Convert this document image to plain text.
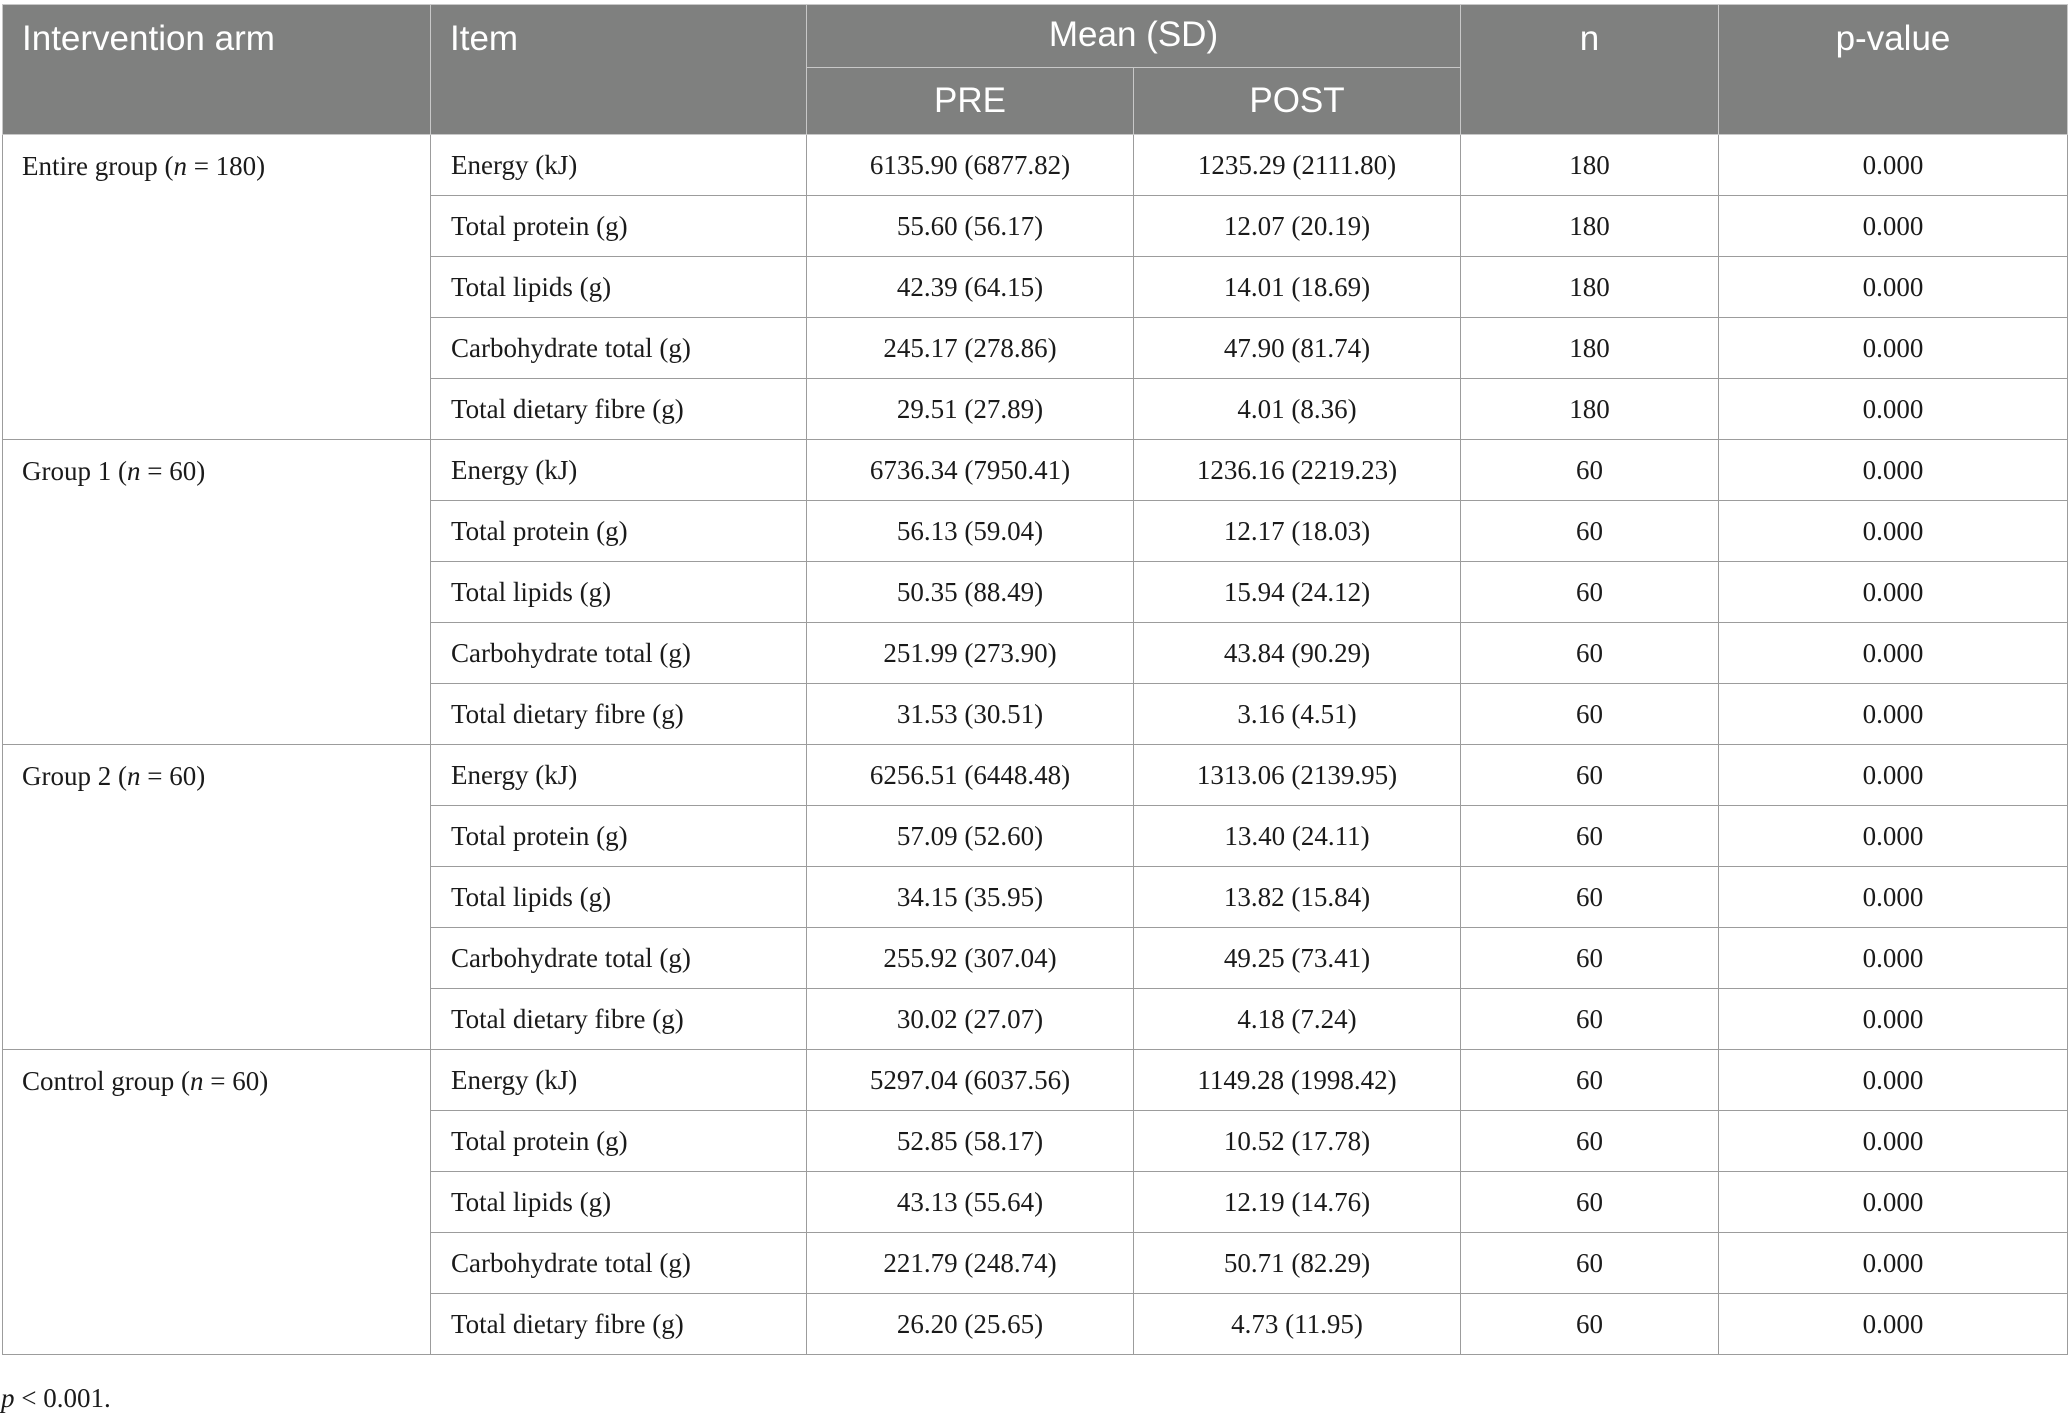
Intervention arm	Item	Mean (SD)		n	p-value
		PRE	POST		
Entire group (n = 180)	Energy (kJ)	6135.90 (6877.82)	1235.29 (2111.80)	180	0.000
	Total protein (g)	55.60 (56.17)	12.07 (20.19)	180	0.000
	Total lipids (g)	42.39 (64.15)	14.01 (18.69)	180	0.000
	Carbohydrate total (g)	245.17 (278.86)	47.90 (81.74)	180	0.000
	Total dietary fibre (g)	29.51 (27.89)	4.01 (8.36)	180	0.000
Group 1 (n = 60)	Energy (kJ)	6736.34 (7950.41)	1236.16 (2219.23)	60	0.000
	Total protein (g)	56.13 (59.04)	12.17 (18.03)	60	0.000
	Total lipids (g)	50.35 (88.49)	15.94 (24.12)	60	0.000
	Carbohydrate total (g)	251.99 (273.90)	43.84 (90.29)	60	0.000
	Total dietary fibre (g)	31.53 (30.51)	3.16 (4.51)	60	0.000
Group 2 (n = 60)	Energy (kJ)	6256.51 (6448.48)	1313.06 (2139.95)	60	0.000
	Total protein (g)	57.09 (52.60)	13.40 (24.11)	60	0.000
	Total lipids (g)	34.15 (35.95)	13.82 (15.84)	60	0.000
	Carbohydrate total (g)	255.92 (307.04)	49.25 (73.41)	60	0.000
	Total dietary fibre (g)	30.02 (27.07)	4.18 (7.24)	60	0.000
Control group (n = 60)	Energy (kJ)	5297.04 (6037.56)	1149.28 (1998.42)	60	0.000
	Total protein (g)	52.85 (58.17)	10.52 (17.78)	60	0.000
	Total lipids (g)	43.13 (55.64)	12.19 (14.76)	60	0.000
	Carbohydrate total (g)	221.79 (248.74)	50.71 (82.29)	60	0.000
	Total dietary fibre (g)	26.20 (25.65)	4.73 (11.95)	60	0.000
p < 0.001.
